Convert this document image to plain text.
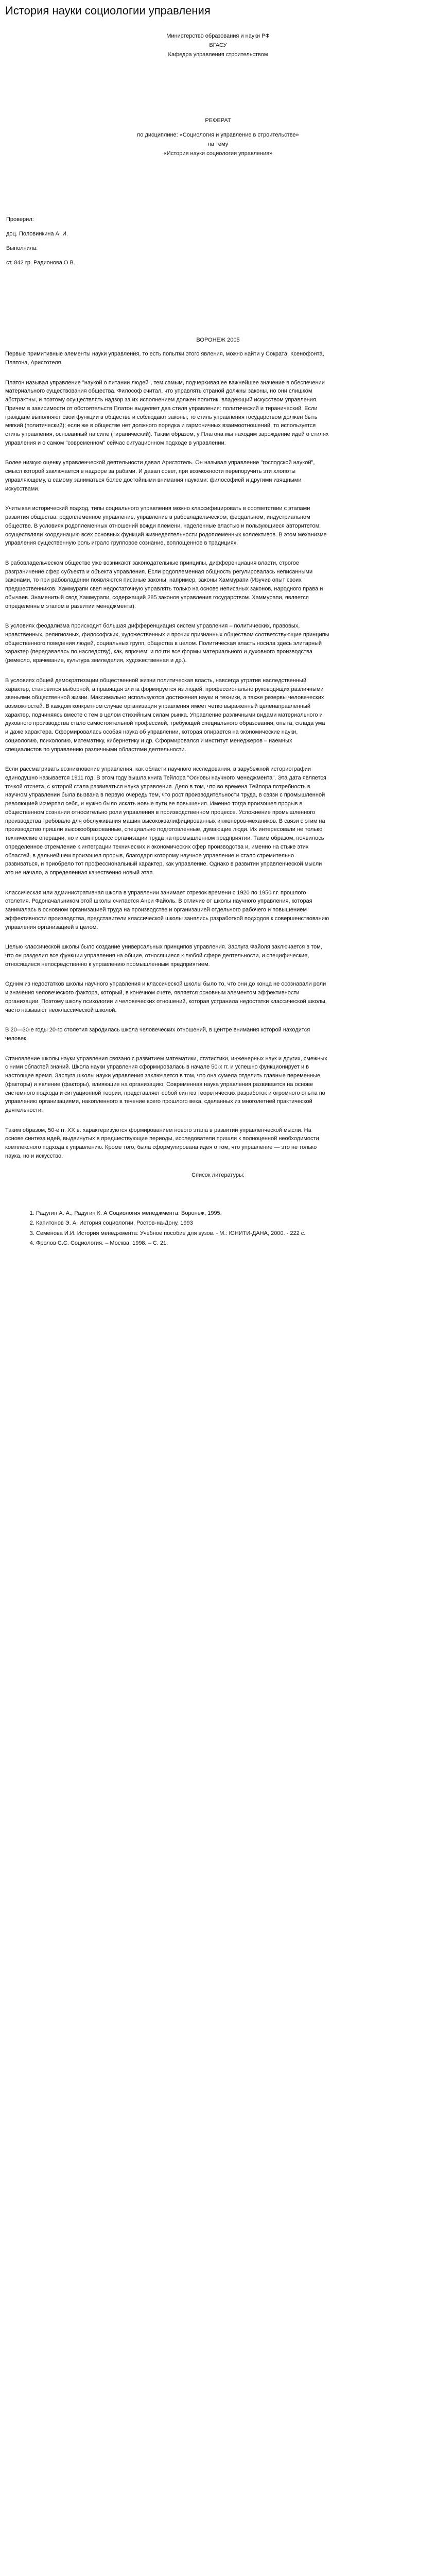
История науки социологии управления

Министерство образования и науки РФ

ВГАСУ

Кафедра управления строительством

РЕФЕРАТ

по дисциплине: «Социология и управление в строительстве»

на тему

«История науки социологии управления»

Проверил:

доц. Половинкина А. И.

Выполнила:

ст. 842 гр. Радионова О.В.

ВОРОНЕЖ 2005

Первые примитивные элементы науки управления, то есть попытки этого явления, можно найти у Сократа, Ксенофонта, Платона, Аристотеля.

Платон называл управление "наукой о питании людей", тем самым, подчеркивая ее важнейшее значение в обеспечении материального существования общества. Философ считал, что управлять страной должны законы, но они слишком абстрактны, и поэтому осуществлять надзор за их исполнением должен политик, владеющий искусством управления. Причем в зависимости от обстоятельств Платон выделяет два стиля управления: политический и тиранический. Если граждане выполняют свои функции в обществе и соблюдают законы, то стиль управления государством должен быть мягкий (политический); если же в обществе нет должного порядка и гармоничных взаимоотношений, то используется стиль управления, основанный на силе (тиранический). Таким образом, у Платона мы находим зарождение идей о стилях управления и о самом "современном" сейчас ситуационном подходе в управлении.

Более низкую оценку управленческой деятельности давал Аристотель. Он называл управление "господской наукой", смысл которой заключается в надзоре за рабами. И давал совет, при возможности перепоручить эти хлопоты управляющему, а самому заниматься более достойными внимания науками: философией и другими изящными искусствами.

Учитывая исторический подход, типы социального управления можно классифицировать в соответствии с этапами развития общества: родоплеменное управление, управление в рабовладельческом, феодальном, индустриальном обществе. В условиях родоплеменных отношений вожди племени, наделенные властью и пользующиеся авторитетом, осуществляли координацию всех основных функций жизнедеятельности родоплеменных коллективов. В этом механизме управления существенную роль играло групповое сознание, воплощенное в традициях.

В рабовладельческом обществе уже возникают законодательные принципы, дифференциация власти, строгое разграничение сфер субъекта и объекта управления. Если родоплеменная общность регулировалась неписанными законами, то при рабовладении появляются писаные законы, например, законы Хаммурапи (Изучив опыт своих предшественников. Хаммурапи свел недостаточную управлять только на основе неписаных законов, народного права и обычаев. Знаменитый свод Хаммурапи, содержащий 285 законов управления государством. Хаммурапи, является определенным этапом в развитии менеджмента).

В условиях феодализма происходит большая дифференциация систем управления – политических, правовых, нравственных, религиозных, философских, художественных и прочих признанных обществом соответствующие принципы общественного поведения людей, социальных групп, общества в целом. Политическая власть носила здесь элитарный характер (передавалась по наследству), как, впрочем, и почти все формы материального и духовного производства (ремесло, врачевание, культура земледелия, художественная и др.).

В условиях общей демократизации общественной жизни политическая власть, навсегда утратив наследственный характер, становится выборной, а правящая элита формируется из людей, профессионально руководящих различными звеньями общественной жизни. Максимально используются достижения науки и техники, а также резервы человеческих возможностей. В каждом конкретном случае организация управления имеет четко выраженный целенаправленный характер, подчиняясь вместе с тем в целом стихийным силам рынка. Управление различными видами материального и духовного производства стало самостоятельной профессией, требующей специального образования, опыта, склада ума и даже характера. Сформировалась особая наука об управлении, которая опирается на экономические науки, социологию, психологию, математику, кибернетику и др. Сформировался и институт менеджеров – наемных специалистов по управлению различными областями деятельности.

Если рассматривать возникновение управления, как области научного исследования, в зарубежной историографии единодушно называется 1911 год. В этом году вышла книга Тейлора "Основы научного менеджмента". Эта дата является точкой отсчета, с которой стала развиваться наука управления. Дело в том, что во времена Тейлора потребность в научном управлении была вызвана в первую очередь тем, что рост производительности труда, в связи с промышленной революцией исчерпал себя, и нужно было искать новые пути ее повышения. Именно тогда произошел прорыв в общественном сознании относительно роли управления в производственном процессе. Усложнение промышленного производства требовало для обслуживания машин высококвалифицированных инженеров-механиков. В связи с этим на производство пришли высокообразованные, специально подготовленные, думающие люди. Их интересовали не только технические операции, но и сам процесс организации труда на промышленном предприятии. Таким образом, появилось определенное стремление к интеграции технических и экономических сфер производства и, именно на стыке этих областей, в дальнейшем произошел прорыв, благодаря которому научное управление и стало стремительно развиваться, и приобрело тот профессиональный характер, как управление. Однако в развитии управленческой мысли это не начало, а определенная качественно новый этап.

Классическая или административная школа в управлении занимает отрезок времени с 1920 по 1950 г.г. прошлого столетия. Родоначальником этой школы считается Анри Файоль. В отличие от школы научного управления, которая занималась в основном организацией труда на производстве и организацией отдельного рабочего и повышением эффективности производства, представители классической школы занялись разработкой подходов к совершенствованию управления организацией в целом.

Целью классической школы было создание универсальных принципов управления. Заслуга Файоля заключается в том, что он разделил все функции управления на общие, относящиеся к любой сфере деятельности, и специфические, относящиеся непосредственно к управлению промышленным предприятием.

Одним из недостатков школы научного управления и классической школы было то, что они до конца не осознавали роли и значения человеческого фактора, который, в конечном счете, является основным элементом эффективности организации. Поэтому школу психологии и человеческих отношений, которая устранила недостатки классической школы, часто называют неоклассической школой.

В 20—30-е годы 20-го столетия зародилась школа человеческих отношений, в центре внимания которой находится человек.

Становление школы науки управления связано с развитием математики, статистики, инженерных наук и других, смежных с ними областей знаний. Школа науки управления сформировалась в начале 50-х гг. и успешно функционирует и в настоящее время. Заслуга школы науки управления заключается в том, что она сумела отделить главные переменные (факторы) и явление (факторы), влияющие на организацию. Современная наука управления развивается на основе системного подхода и ситуационной теории, представляет собой синтез теоретических разработок и огромного опыта по управлению организациями, накопленного в течение всего прошлого века, сделанных из многолетней практической деятельности.

Таким образом, 50-е гг. XX в. характеризуются формированием нового этапа в развитии управленческой мысли. На основе синтеза идей, выдвинутых в предшествующие периоды, исследователи пришли к полноценной необходимости комплексного подхода к управлению. Кроме того, была сформулирована идея о том, что управление — это не только наука, но и искусство.

Список литературы:

1. Радугин А. А., Радугин К. А Социология менеджмента. Воронеж, 1995.
2. Капитонов Э. А. История социологии. Ростов-на-Дону, 1993
3. Семенова И.И. История менеджмента: Учебное пособие для вузов. - М.: ЮНИТИ-ДАНА, 2000. - 222 с.
4. Фролов С.С. Социология. – Москва, 1998. – С. 21.
